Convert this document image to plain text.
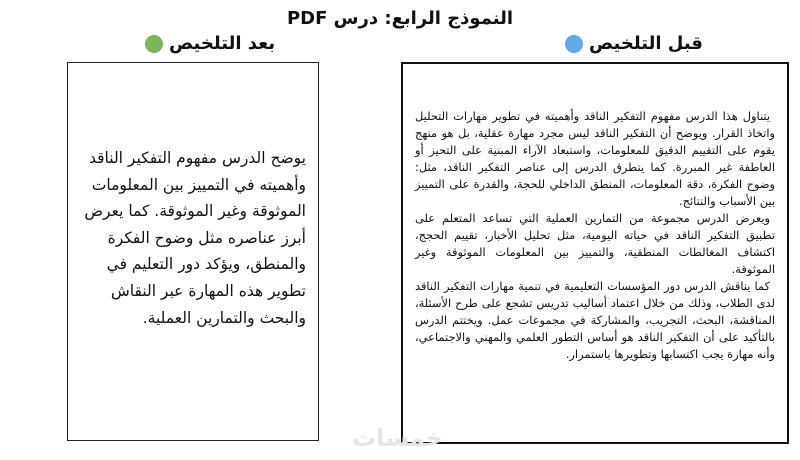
النموذج الرابع: درس PDF
قبل التلخيص
بعد التلخيص

يتناول هذا الدرس مفهوم التفكير الناقد وأهميته في تطوير مهارات التحليل واتخاذ القرار. ويوضح أن التفكير الناقد ليس مجرد مهارة عقلية، بل هو منهج يقوم على التقييم الدقيق للمعلومات، واستبعاد الآراء المبنية على التحيز أو العاطفة غير المبررة. كما يتطرق الدرس إلى عناصر التفكير الناقد، مثل: وضوح الفكرة، دقة المعلومات، المنطق الداخلي للحجة، والقدرة على التمييز بين الأسباب والنتائج.

ويعرض الدرس مجموعة من التمارين العملية التي تساعد المتعلم على تطبيق التفكير الناقد في حياته اليومية، مثل تحليل الأخبار، تقييم الحجج، اكتشاف المغالطات المنطقية، والتمييز بين المعلومات الموثوقة وغير الموثوقة.

كما يناقش الدرس دور المؤسسات التعليمية في تنمية مهارات التفكير الناقد لدى الطلاب، وذلك من خلال اعتماد أساليب تدريس تشجع على طرح الأسئلة، المناقشة، البحث، التجريب، والمشاركة في مجموعات عمل. ويختتم الدرس بالتأكيد على أن التفكير الناقد هو أساس التطور العلمي والمهني والاجتماعي، وأنه مهارة يجب اكتسابها وتطويرها باستمرار.

يوضح الدرس مفهوم التفكير الناقد وأهميته في التمييز بين المعلومات الموثوقة وغير الموثوقة. كما يعرض أبرز عناصره مثل وضوح الفكرة والمنطق، ويؤكد دور التعليم في تطوير هذه المهارة عبر النقاش والبحث والتمارين العملية.

خمسات
